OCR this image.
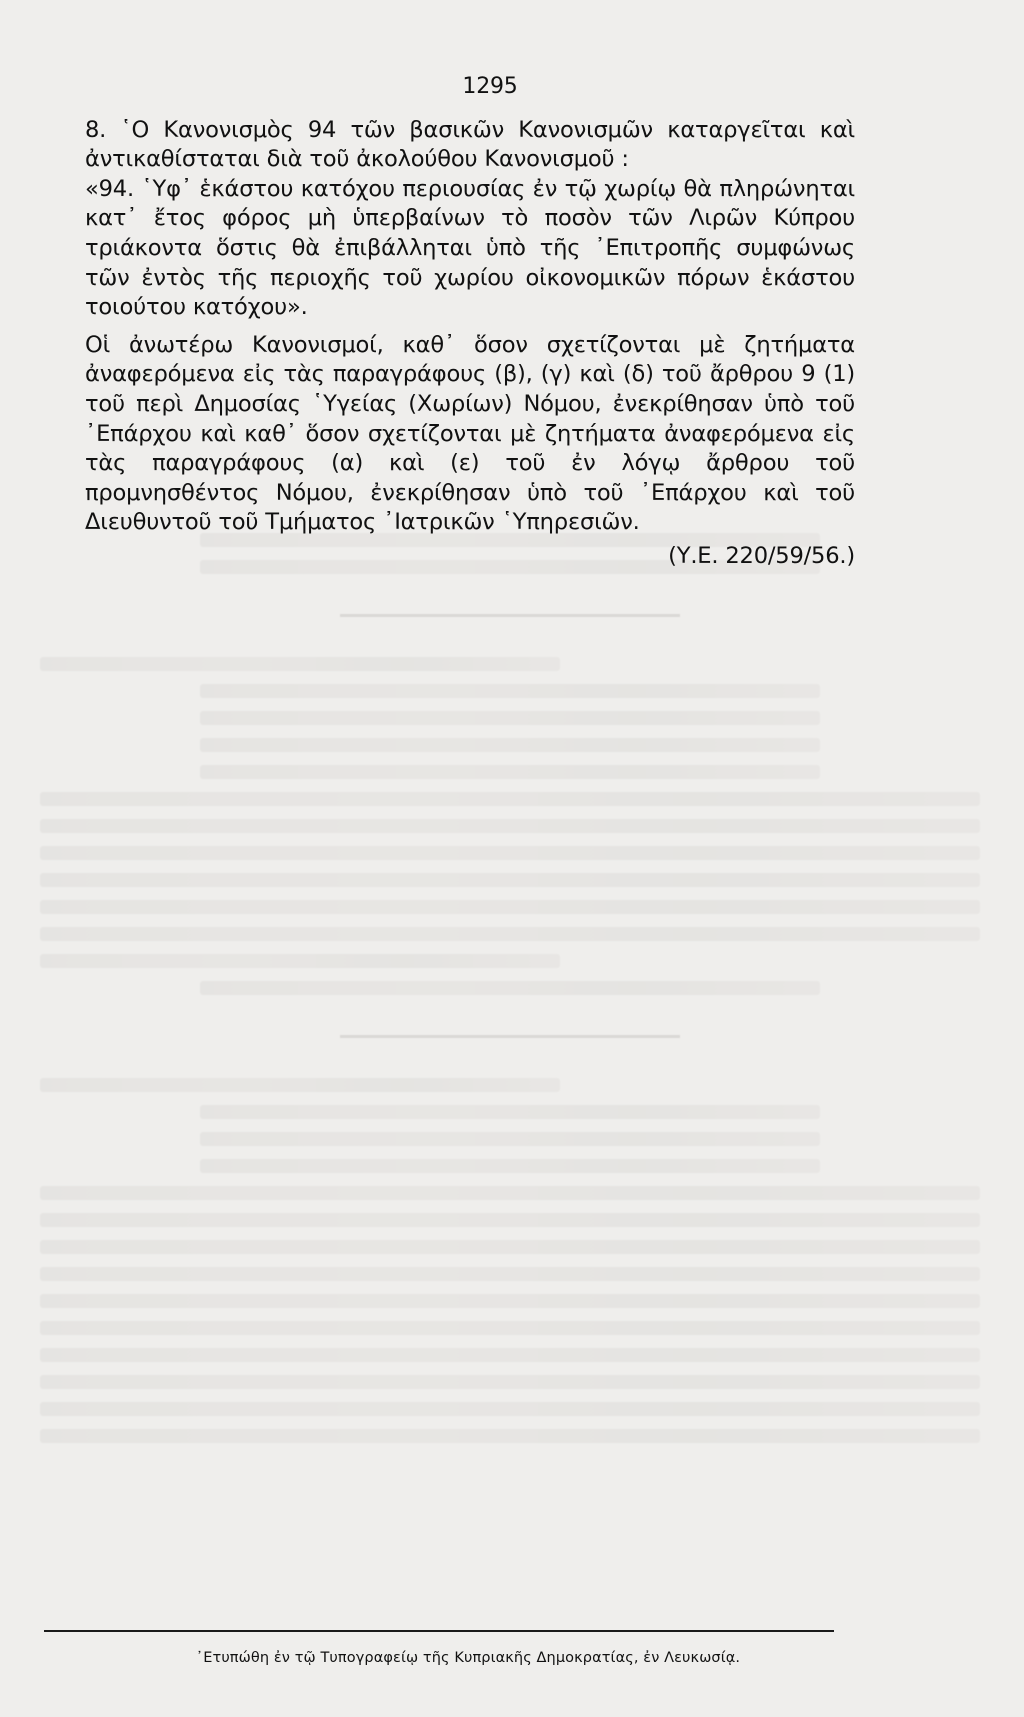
1295

8. ῾Ο Κανονισμὸς 94 τῶν βασικῶν Κανονισμῶν καταργεῖται καὶ ἀντικαθίσταται διὰ τοῦ ἀκολούθου Κανονισμοῦ :

«94. ῾Υφ᾿ ἑκάστου κατόχου περιουσίας ἐν τῷ χωρίῳ θὰ πληρώνηται κατ᾿ ἔτος φόρος μὴ ὑπερβαίνων τὸ ποσὸν τῶν Λιρῶν Κύπρου τριάκοντα ὅστις θὰ ἐπιβάλληται ὑπὸ τῆς ᾿Επιτροπῆς συμφώνως τῶν ἐντὸς τῆς περιοχῆς τοῦ χωρίου οἰκονομικῶν πόρων ἑκάστου τοιούτου κατόχου».

Οἱ ἀνωτέρω Κανονισμοί, καθ᾿ ὅσον σχετίζονται μὲ ζητήματα ἀναφερόμενα εἰς τὰς παραγράφους (β), (γ) καὶ (δ) τοῦ ἄρθρου 9 (1) τοῦ περὶ Δημοσίας ῾Υγείας (Χωρίων) Νόμου, ἐνεκρίθησαν ὑπὸ τοῦ ᾿Επάρχου καὶ καθ᾿ ὅσον σχετίζονται μὲ ζητήματα ἀναφερόμενα εἰς τὰς παραγράφους (α) καὶ (ε) τοῦ ἐν λόγῳ ἄρθρου τοῦ προμνησθέντος Νόμου, ἐνεκρίθησαν ὑπὸ τοῦ ᾿Επάρχου καὶ τοῦ Διευθυντοῦ τοῦ Τμήματος ᾿Ιατρικῶν ῾Υπηρεσιῶν.

(Υ.Ε. 220/59/56.)
᾿Ετυπώθη ἐν τῷ Τυπογραφείῳ τῆς Κυπριακῆς Δημοκρατίας, ἐν Λευκωσίᾳ.
